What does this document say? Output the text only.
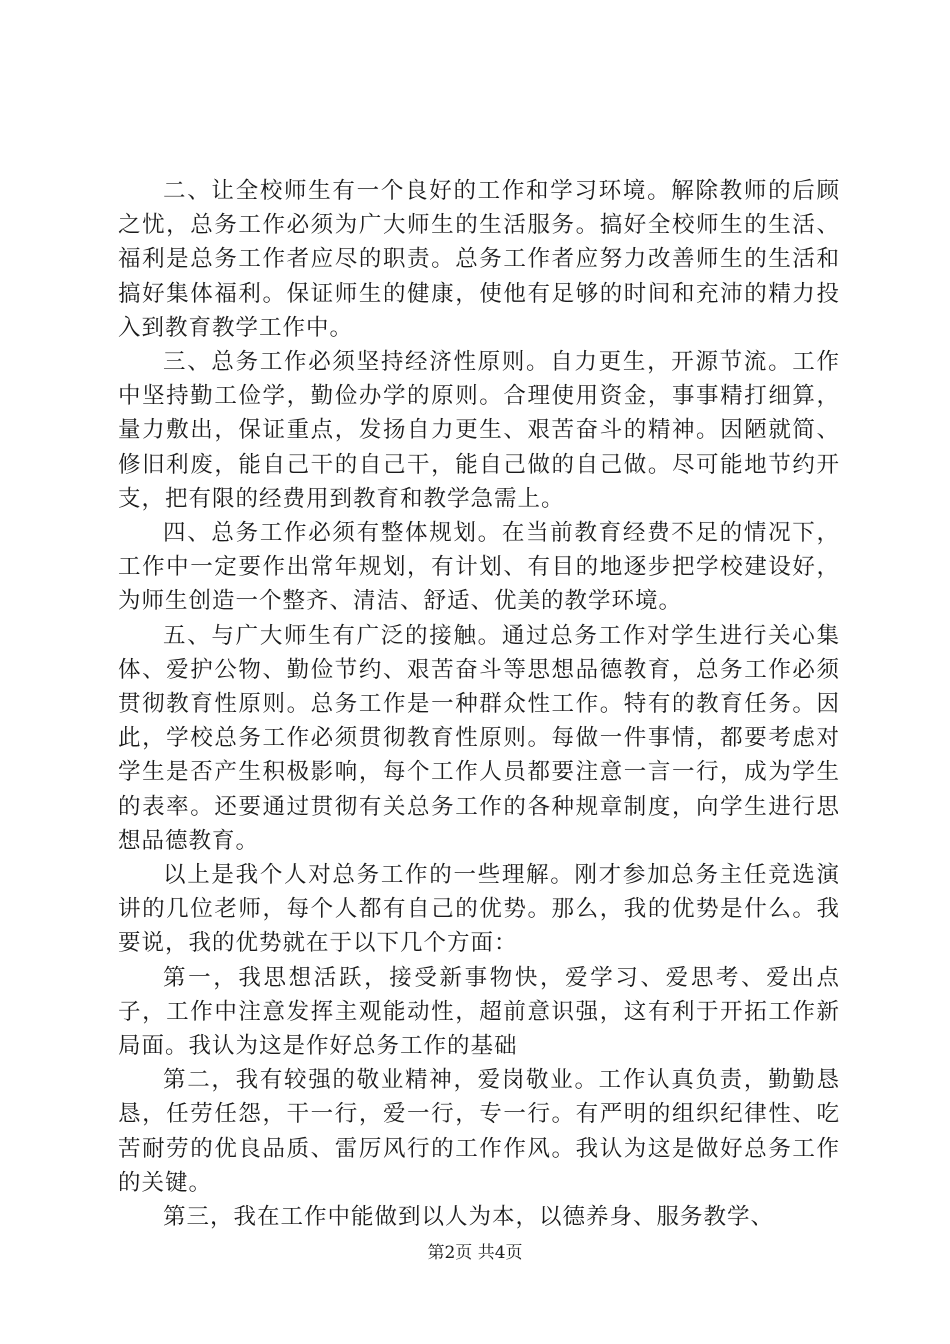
二、让全校师生有一个良好的工作和学习环境。解除教师的后顾之忧，总务工作必须为广大师生的生活服务。搞好全校师生的生活、福利是总务工作者应尽的职责。总务工作者应努力改善师生的生活和搞好集体福利。保证师生的健康，使他有足够的时间和充沛的精力投入到教育教学工作中。

三、总务工作必须坚持经济性原则。自力更生，开源节流。工作中坚持勤工俭学，勤俭办学的原则。合理使用资金，事事精打细算，量力敷出，保证重点，发扬自力更生、艰苦奋斗的精神。因陋就简、修旧利废，能自己干的自己干，能自己做的自己做。尽可能地节约开支，把有限的经费用到教育和教学急需上。

四、总务工作必须有整体规划。在当前教育经费不足的情况下，工作中一定要作出常年规划，有计划、有目的地逐步把学校建设好，为师生创造一个整齐、清洁、舒适、优美的教学环境。

五、与广大师生有广泛的接触。通过总务工作对学生进行关心集体、爱护公物、勤俭节约、艰苦奋斗等思想品德教育，总务工作必须贯彻教育性原则。总务工作是一种群众性工作。特有的教育任务。因此，学校总务工作必须贯彻教育性原则。每做一件事情，都要考虑对学生是否产生积极影响，每个工作人员都要注意一言一行，成为学生的表率。还要通过贯彻有关总务工作的各种规章制度，向学生进行思想品德教育。

以上是我个人对总务工作的一些理解。刚才参加总务主任竞选演讲的几位老师，每个人都有自己的优势。那么，我的优势是什么。我要说，我的优势就在于以下几个方面：

第一，我思想活跃，接受新事物快，爱学习、爱思考、爱出点子，工作中注意发挥主观能动性，超前意识强，这有利于开拓工作新局面。我认为这是作好总务工作的基础

第二，我有较强的敬业精神，爱岗敬业。工作认真负责，勤勤恳恳，任劳任怨，干一行，爱一行，专一行。有严明的组织纪律性、吃苦耐劳的优良品质、雷厉风行的工作作风。我认为这是做好总务工作的关键。

第三，我在工作中能做到以人为本，以德养身、服务教学、

第2页 共4页
